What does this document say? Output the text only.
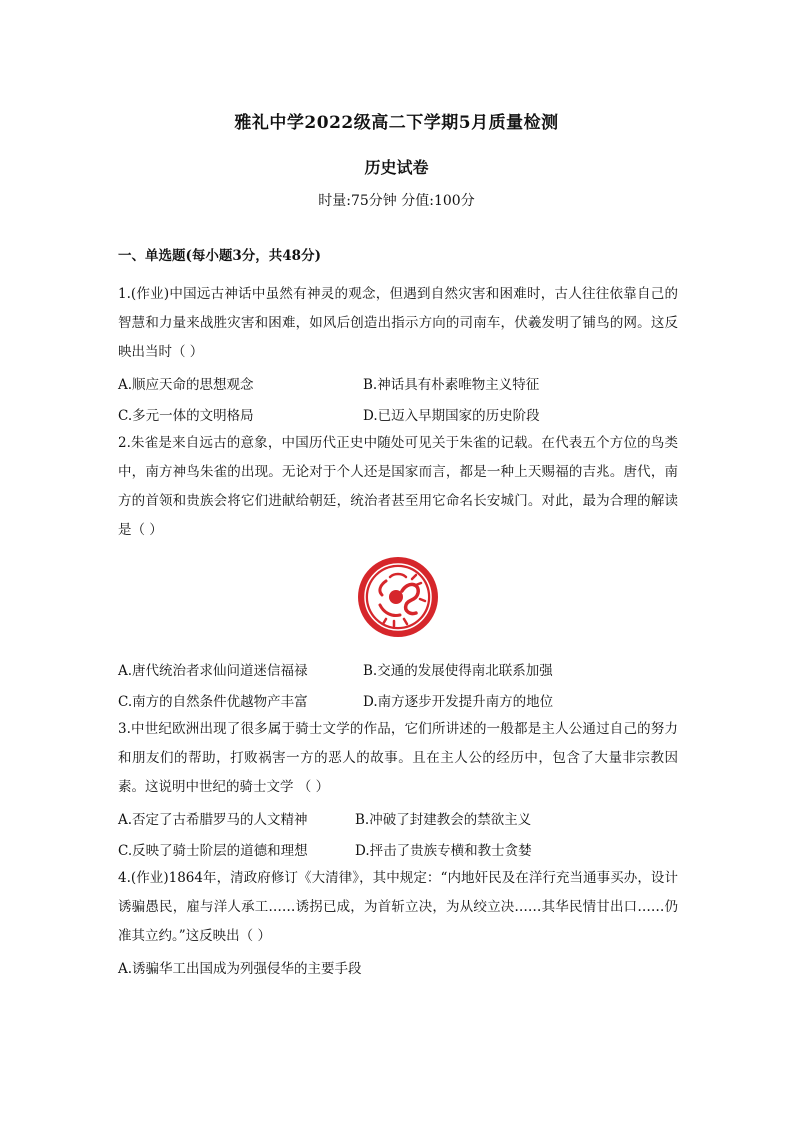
雅礼中学2022级高二下学期5月质量检测
历史试卷
时量:75分钟 分值:100分
一、单选题(每小题3分，共48分)
1.(作业)中国远古神话中虽然有神灵的观念，但遇到自然灾害和困难时，古人往往依靠自己的智慧和力量来战胜灾害和困难，如风后创造出指示方向的司南车，伏羲发明了铺鸟的网。这反映出当时（ ）
A.顺应天命的思想观念	B.神话具有朴素唯物主义特征
C.多元一体的文明格局	D.已迈入早期国家的历史阶段
2.朱雀是来自远古的意象，中国历代正史中随处可见关于朱雀的记载。在代表五个方位的鸟类中，南方神鸟朱雀的出现。无论对于个人还是国家而言，都是一种上天赐福的吉兆。唐代，南方的首领和贵族会将它们进献给朝廷，统治者甚至用它命名长安城门。对此，最为合理的解读是（ ）
A.唐代统治者求仙问道迷信福禄	B.交通的发展使得南北联系加强
C.南方的自然条件优越物产丰富	D.南方逐步开发提升南方的地位
3.中世纪欧洲出现了很多属于骑士文学的作品，它们所讲述的一般都是主人公通过自己的努力和朋友们的帮助，打败祸害一方的恶人的故事。且在主人公的经历中，包含了大量非宗教因素。这说明中世纪的骑士文学 （ ）
A.否定了古希腊罗马的人文精神	B.冲破了封建教会的禁欲主义
C.反映了骑士阶层的道德和理想	D.抨击了贵族专横和教士贪婪
4.(作业)1864年，清政府修订《大清律》，其中规定：“内地奸民及在洋行充当通事买办，设计诱骗愚民，雇与洋人承工……诱拐已成，为首斩立决，为从绞立决……其华民情甘出口……仍准其立约。”这反映出（ ）
A.诱骗华工出国成为列强侵华的主要手段
